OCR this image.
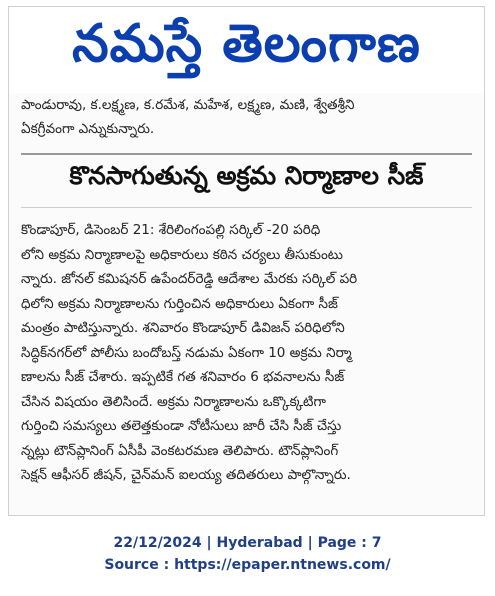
నమస్తే తెలంగాణ

పాండురావు, క.లక్ష్మణ, క.రమేశ, మహేశ, లక్ష్మణ, మణి, శ్వేతశ్రీని

ఏకగ్రీవంగా ఎన్నుకున్నారు.

కొనసాగుతున్న అక్రమ నిర్మాణాల సీజ్

కొండాపూర్, డిసెంబర్ 21: శేరిలింగంపల్లి సర్కిల్ -20 పరిధి

లోని అక్రమ నిర్మాణాలపై అధికారులు కఠిన చర్యలు తీసుకుంటు

న్నారు. జోనల్ కమిషనర్ ఉపేందర్‌రెడ్డి ఆదేశాల మేరకు సర్కిల్ పరి

ధిలోని అక్రమ నిర్మాణాలను గుర్తించిన అధికారులు ఏకంగా సీజ్

మంత్రం పాటిస్తున్నారు. శనివారం కొండాపూర్ డివిజన్ పరిధిలోని

సిద్ధిక్‌నగర్‌లో పోలీసు బందోబస్త్ నడుమ ఏకంగా 10 అక్రమ నిర్మా

ణాలను సీజ్ చేశారు. ఇప్పటికే గత శనివారం 6 భవనాలను సీజ్

చేసిన విషయం తెలిసిందే. అక్రమ నిర్మాణాలను ఒక్కొక్కటిగా

గుర్తించి సమస్యలు తలెత్తకుండా నోటీసులు జారీ చేసి సీజ్ చేస్తు

న్నట్లు టౌన్‌ప్లానింగ్ ఏసీపీ వెంకటరమణ తెలిపారు. టౌన్‌ప్లానింగ్

సెక్షన్ ఆఫీసర్ జీషన్, చైన్‌మన్ ఐలయ్య తదితరులు పాల్గొన్నారు.

22/12/2024 | Hyderabad | Page : 7
Source : https://epaper.ntnews.com/
